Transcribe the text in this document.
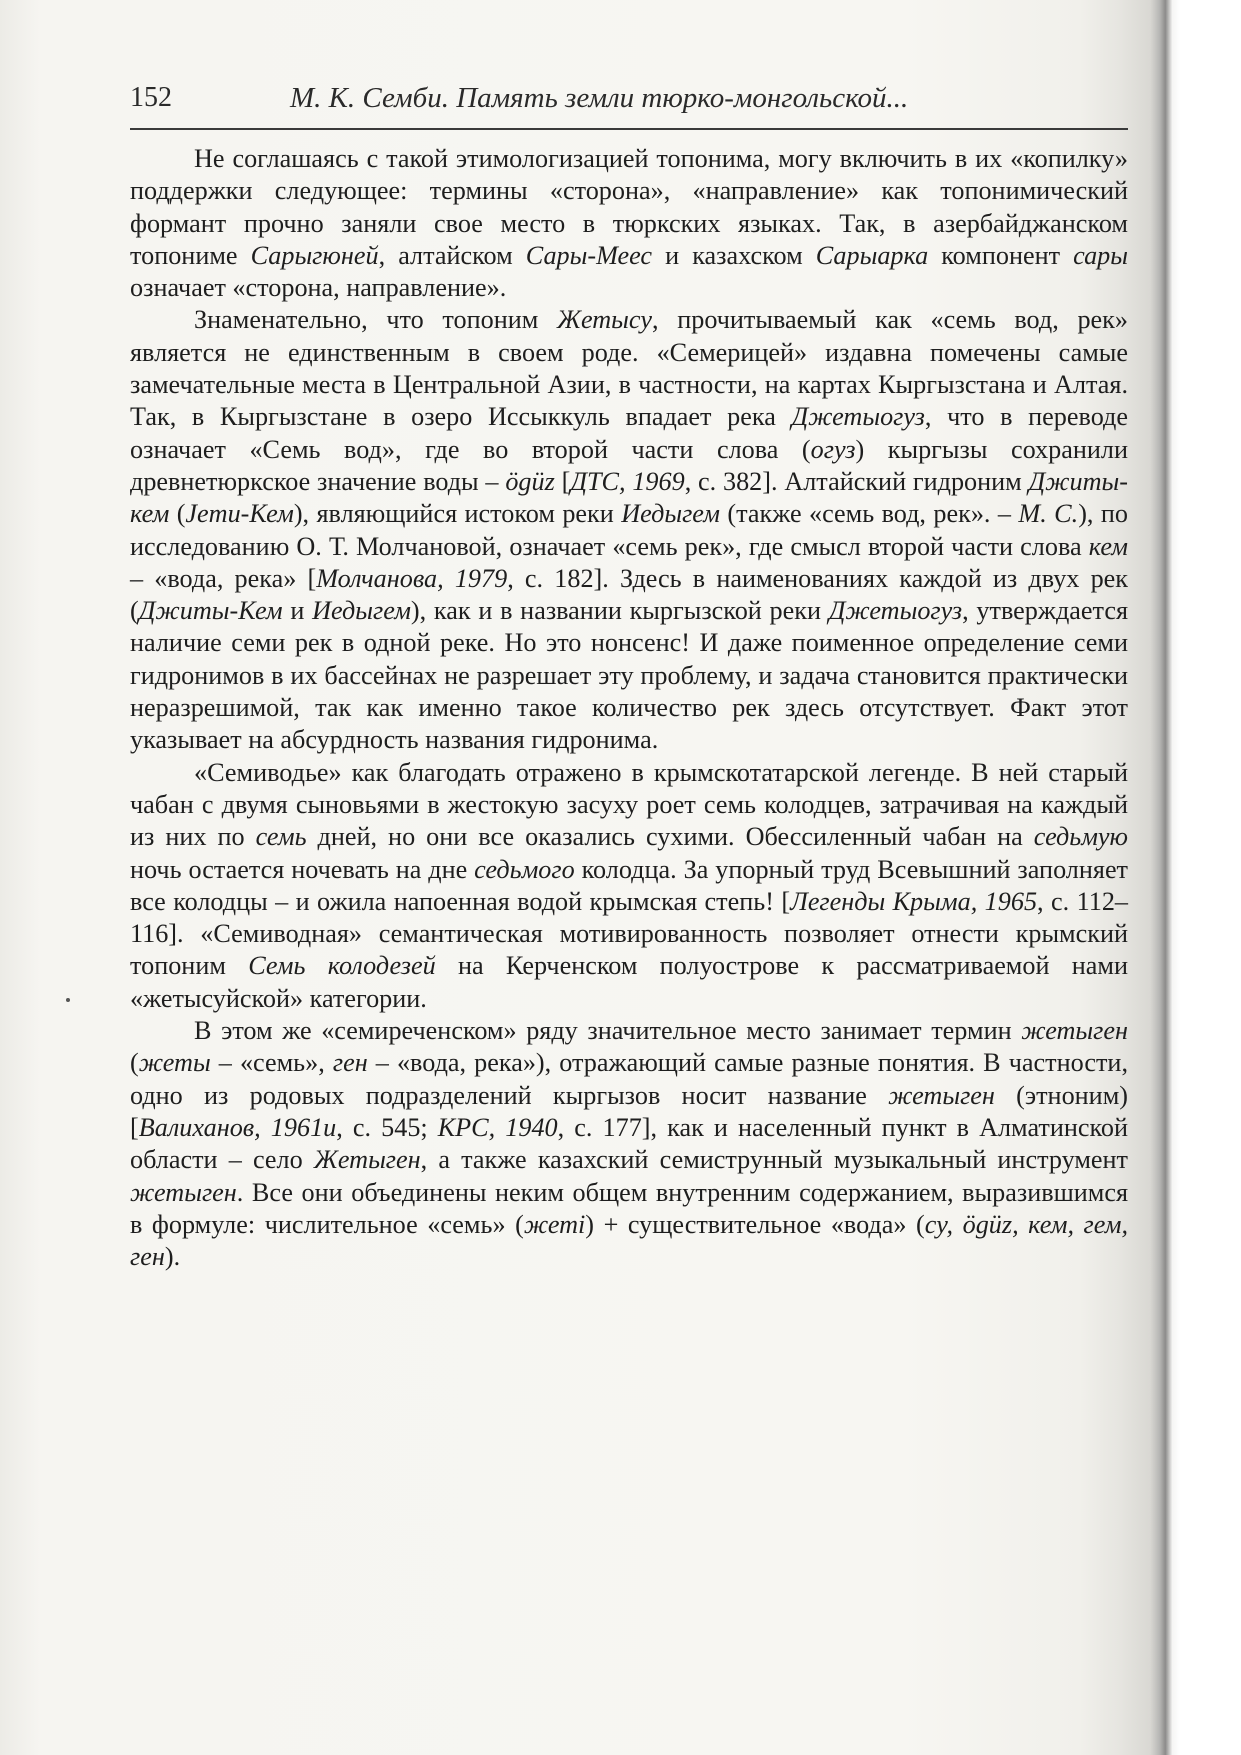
152	М. К. Семби. Память земли тюрко-монгольской...

Не соглашаясь с такой этимологизацией топонима, могу включить в их «копилку» поддержки следующее: термины «сторона», «направление» как топонимический формант прочно заняли свое место в тюркских языках. Так, в азербайджанском топониме Сарыгюней, алтайском Сары-Меес и казахском Сарыарка компонент сары означает «сторона, направление».

Знаменательно, что топоним Жетысу, прочитываемый как «семь вод, рек» является не единственным в своем роде. «Семерицей» издавна помечены самые замечательные места в Центральной Азии, в частности, на картах Кыргызстана и Алтая. Так, в Кыргызстане в озеро Иссыккуль впадает река Джетыогуз, что в переводе означает «Семь вод», где во второй части слова (огуз) кыргызы сохранили древнетюркское значение воды – ögüz [ДТС, 1969, с. 382]. Алтайский гидроним Джиты-кем (Jeти-Кем), являющийся истоком реки Иедыгем (также «семь вод, рек». – М. С.), по исследованию О. Т. Молчановой, означает «семь рек», где смысл второй части слова кем – «вода, река» [Молчанова, 1979, с. 182]. Здесь в наименованиях каждой из двух рек (Джиты-Кем и Иедыгем), как и в названии кыргызской реки Джетыогуз, утверждается наличие семи рек в одной реке. Но это нонсенс! И даже поименное определение семи гидронимов в их бассейнах не разрешает эту проблему, и задача становится практически неразрешимой, так как именно такое количество рек здесь отсутствует. Факт этот указывает на абсурдность названия гидронима.

«Семиводье» как благодать отражено в крымскотатарской легенде. В ней старый чабан с двумя сыновьями в жестокую засуху роет семь колодцев, затрачивая на каждый из них по семь дней, но они все оказались сухими. Обессиленный чабан на седьмую ночь остается ночевать на дне седьмого колодца. За упорный труд Всевышний заполняет все колодцы – и ожила напоенная водой крымская степь! [Легенды Крыма, 1965, с. 112–116]. «Семиводная» семантическая мотивированность позволяет отнести крымский топоним Семь колодезей на Керченском полуострове к рассматриваемой нами «жетысуйской» категории.

В этом же «семиреченском» ряду значительное место занимает термин жетыген (жеты – «семь», ген – «вода, река»), отражающий самые разные понятия. В частности, одно из родовых подразделений кыргызов носит название жетыген (этноним) [Валиханов, 1961и, с. 545; КРС, 1940, с. 177], как и населенный пункт в Алматинской области – село Жетыген, а также казахский семиструнный музыкальный инструмент жетыген. Все они объединены неким общем внутренним содержанием, выразившимся в формуле: числительное «семь» (жетi) + существительное «вода» (су, ögüz, кем, гем, ген).
